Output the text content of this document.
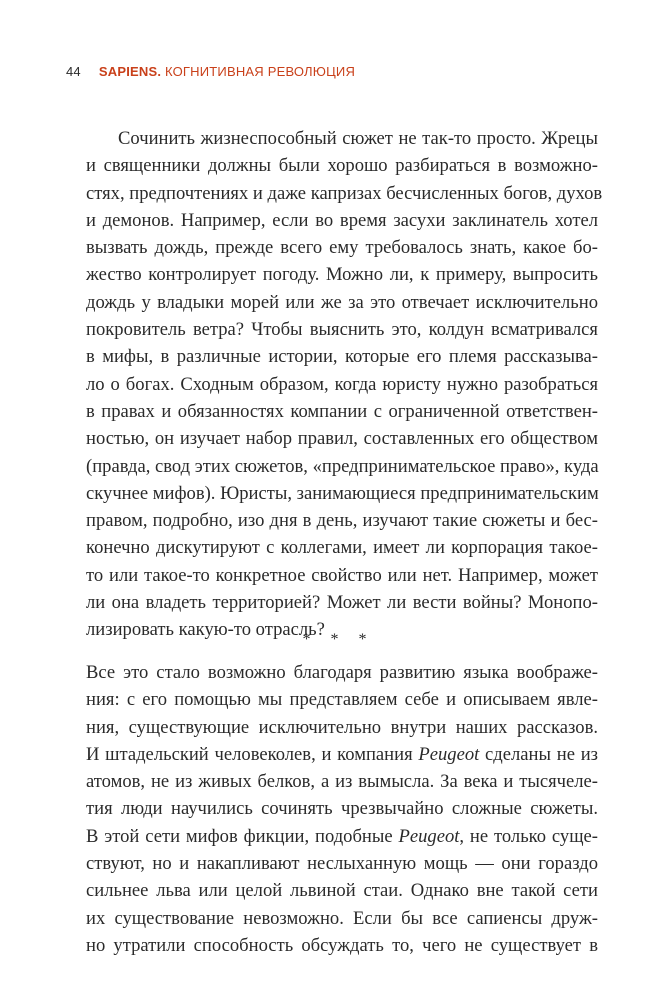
44 SAPIENS. КОГНИТИВНАЯ РЕВОЛЮЦИЯ
Сочинить жизнеспособный сюжет не так-то просто. Жрецы
и священники должны были хорошо разбираться в возможно-
стях, предпочтениях и даже капризах бесчисленных богов, духов
и демонов. Например, если во время засухи заклинатель хотел
вызвать дождь, прежде всего ему требовалось знать, какое бо-
жество контролирует погоду. Можно ли, к примеру, выпросить
дождь у владыки морей или же за это отвечает исключительно
покровитель ветра? Чтобы выяснить это, колдун всматривался
в мифы, в различные истории, которые его племя рассказыва-
ло о богах. Сходным образом, когда юристу нужно разобраться
в правах и обязанностях компании с ограниченной ответствен-
ностью, он изучает набор правил, составленных его обществом
(правда, свод этих сюжетов, «предпринимательское право», куда
скучнее мифов). Юристы, занимающиеся предпринимательским
правом, подробно, изо дня в день, изучают такие сюжеты и бес-
конечно дискутируют с коллегами, имеет ли корпорация такое-
то или такое-то конкретное свойство или нет. Например, может
ли она владеть территорией? Может ли вести войны? Монопо-
лизировать какую-то отрасль?
* * *
Все это стало возможно благодаря развитию языка воображе-
ния: с его помощью мы представляем себе и описываем явле-
ния, существующие исключительно внутри наших рассказов.
И штадельский человеколев, и компания Peugeot сделаны не из
атомов, не из живых белков, а из вымысла. За века и тысячеле-
тия люди научились сочинять чрезвычайно сложные сюжеты.
В этой сети мифов фикции, подобные Peugeot, не только суще-
ствуют, но и накапливают неслыханную мощь — они гораздо
сильнее льва или целой львиной стаи. Однако вне такой сети
их существование невозможно. Если бы все сапиенсы друж-
но утратили способность обсуждать то, чего не существует в
